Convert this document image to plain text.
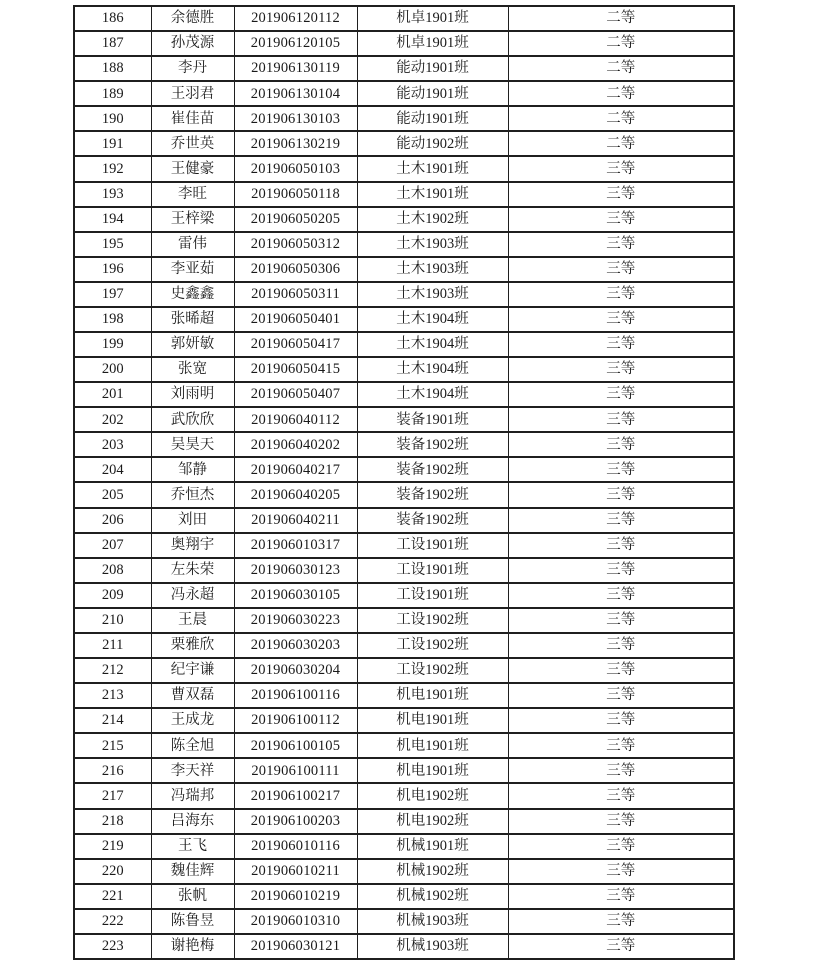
186	余德胜	201906120112	机卓1901班	二等
187	孙茂源	201906120105	机卓1901班	二等
188	李丹	201906130119	能动1901班	二等
189	王羽君	201906130104	能动1901班	二等
190	崔佳苗	201906130103	能动1901班	二等
191	乔世英	201906130219	能动1902班	二等
192	王健豪	201906050103	土木1901班	三等
193	李旺	201906050118	土木1901班	三等
194	王梓梁	201906050205	土木1902班	三等
195	雷伟	201906050312	土木1903班	三等
196	李亚茹	201906050306	土木1903班	三等
197	史鑫鑫	201906050311	土木1903班	三等
198	张晞超	201906050401	土木1904班	三等
199	郭妍敏	201906050417	土木1904班	三等
200	张宽	201906050415	土木1904班	三等
201	刘雨明	201906050407	土木1904班	三等
202	武欣欣	201906040112	装备1901班	三等
203	吴昊天	201906040202	装备1902班	三等
204	邹静	201906040217	装备1902班	三等
205	乔恒杰	201906040205	装备1902班	三等
206	刘田	201906040211	装备1902班	三等
207	奥翔宇	201906010317	工设1901班	三等
208	左朱荣	201906030123	工设1901班	三等
209	冯永超	201906030105	工设1901班	三等
210	王晨	201906030223	工设1902班	三等
211	栗雅欣	201906030203	工设1902班	三等
212	纪宇谦	201906030204	工设1902班	三等
213	曹双磊	201906100116	机电1901班	三等
214	王成龙	201906100112	机电1901班	三等
215	陈全旭	201906100105	机电1901班	三等
216	李天祥	201906100111	机电1901班	三等
217	冯瑞邦	201906100217	机电1902班	三等
218	吕海东	201906100203	机电1902班	三等
219	王飞	201906010116	机械1901班	三等
220	魏佳辉	201906010211	机械1902班	三等
221	张帆	201906010219	机械1902班	三等
222	陈鲁昱	201906010310	机械1903班	三等
223	谢艳梅	201906030121	机械1903班	三等
